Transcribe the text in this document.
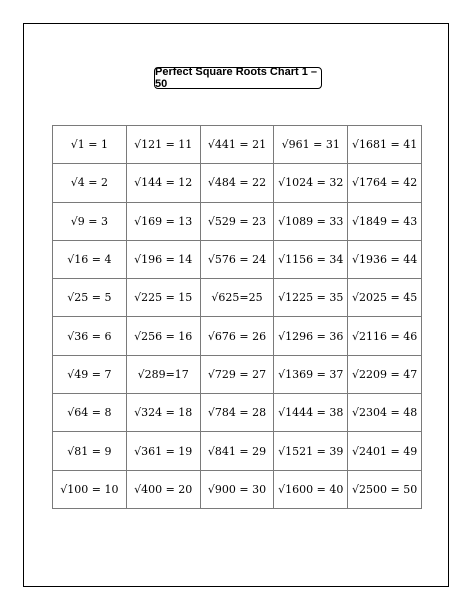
Perfect Square Roots Chart 1 – 50
√1 = 1	√121 = 11	√441 = 21	√961 = 31	√1681 = 41
√4 = 2	√144 = 12	√484 = 22	√1024 = 32	√1764 = 42
√9 = 3	√169 = 13	√529 = 23	√1089 = 33	√1849 = 43
√16 = 4	√196 = 14	√576 = 24	√1156 = 34	√1936 = 44
√25 = 5	√225 = 15	√625=25	√1225 = 35	√2025 = 45
√36 = 6	√256 = 16	√676 = 26	√1296 = 36	√2116 = 46
√49 = 7	√289=17	√729 = 27	√1369 = 37	√2209 = 47
√64 = 8	√324 = 18	√784 = 28	√1444 = 38	√2304 = 48
√81 = 9	√361 = 19	√841 = 29	√1521 = 39	√2401 = 49
√100 = 10	√400 = 20	√900 = 30	√1600 = 40	√2500 = 50
